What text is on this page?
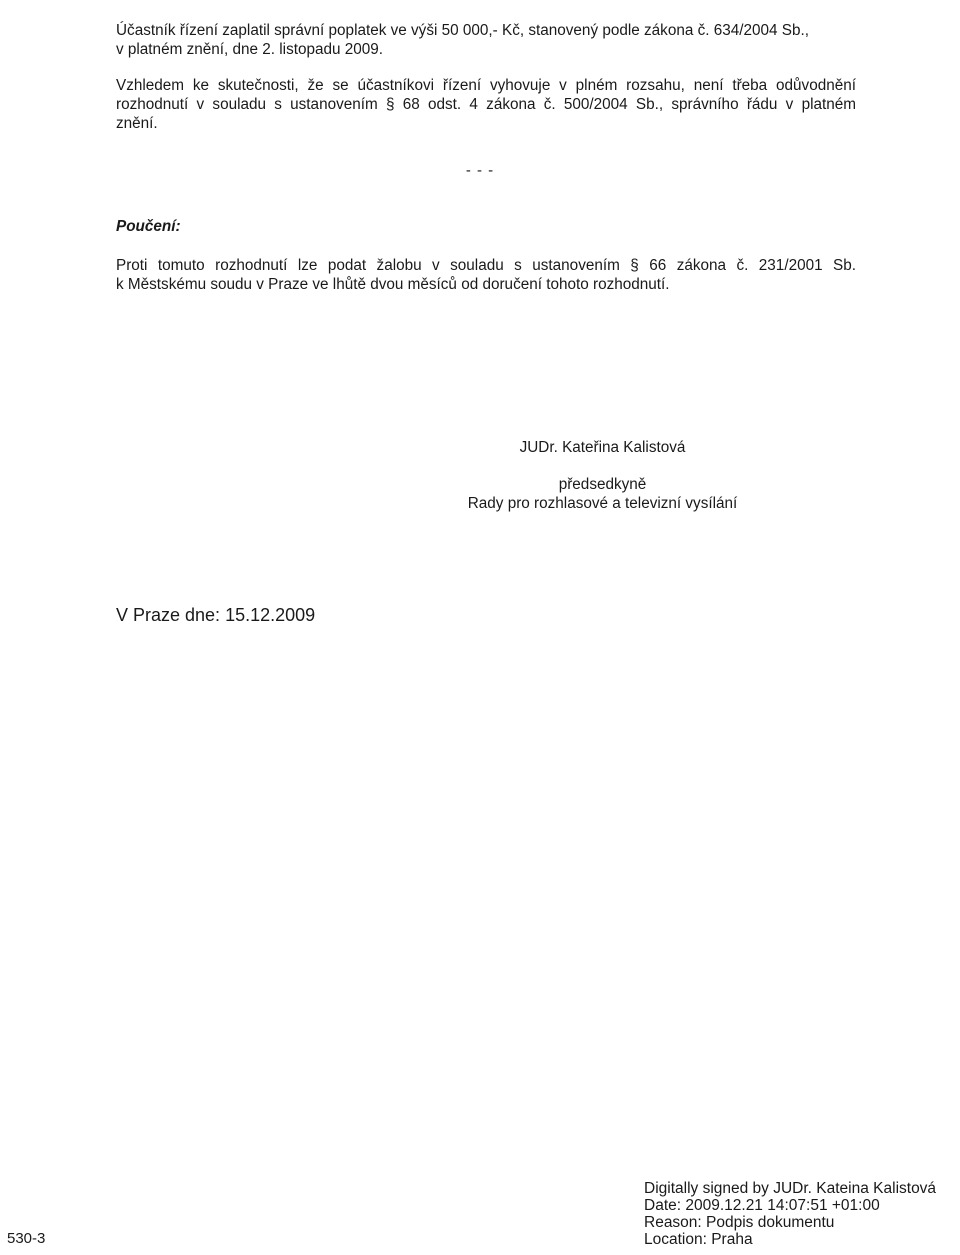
Účastník řízení zaplatil správní poplatek ve výši 50 000,- Kč, stanovený podle zákona č. 634/2004 Sb.,
v platném znění, dne 2. listopadu 2009.

Vzhledem ke skutečnosti, že se účastníkovi řízení vyhovuje v plném rozsahu, není třeba odůvodnění
rozhodnutí v souladu s ustanovením § 68 odst. 4 zákona č. 500/2004 Sb., správního řádu v platném
znění.

- - -

Poučení:

Proti tomuto rozhodnutí lze podat žalobu v souladu s ustanovením § 66 zákona č. 231/2001 Sb.
k Městskému soudu v Praze ve lhůtě dvou měsíců od doručení tohoto rozhodnutí.

JUDr. Kateřina Kalistová
předsedkyně
Rady pro rozhlasové a televizní vysílání

V Praze dne: 15.12.2009

530-3
Digitally signed by JUDr. Kateina Kalistová
Date: 2009.12.21 14:07:51 +01:00
Reason: Podpis dokumentu
Location: Praha
